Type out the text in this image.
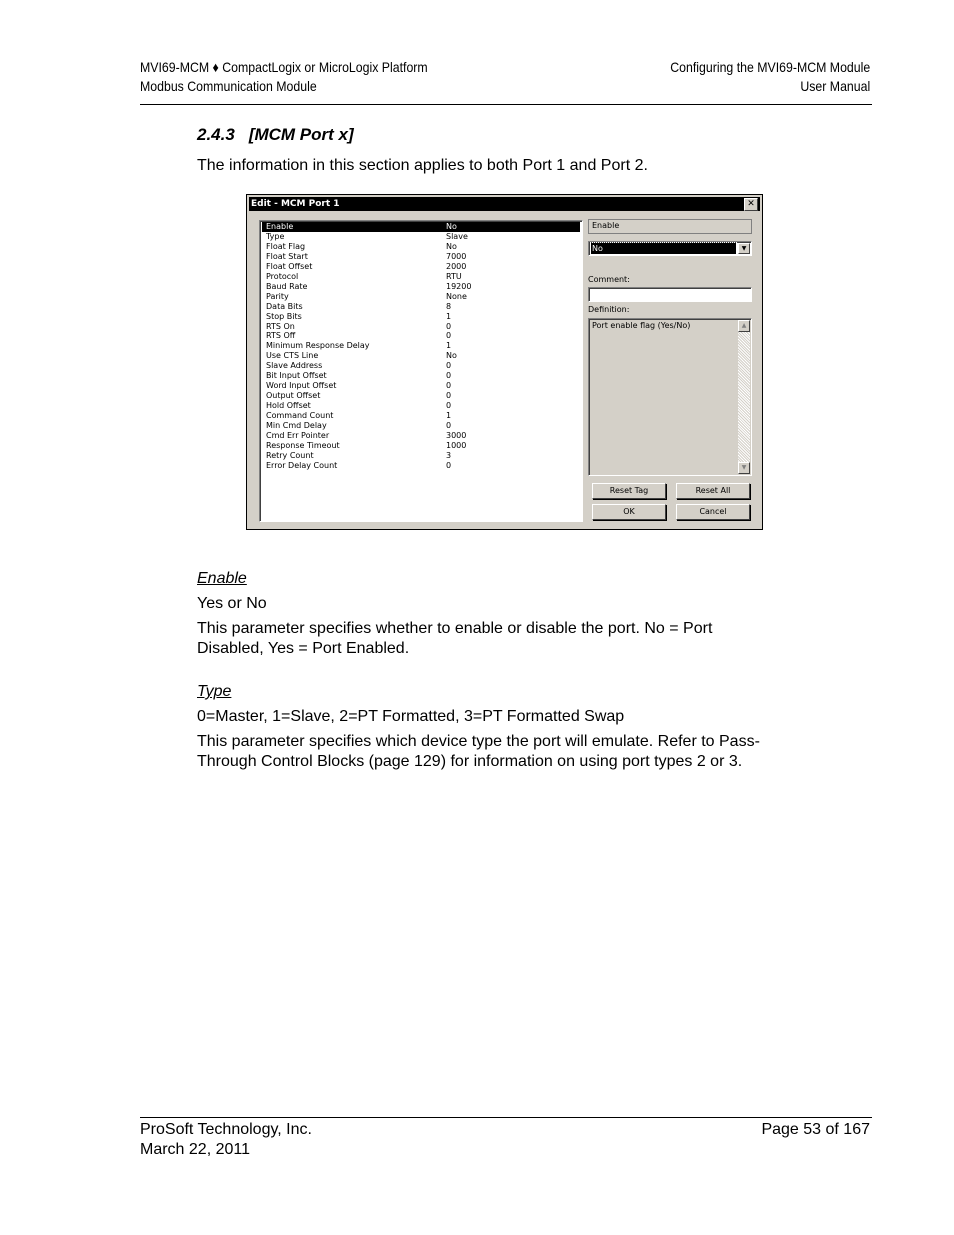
MVI69-MCM ♦ CompactLogix or MicroLogix Platform
Modbus Communication Module
Configuring the MVI69-MCM Module
User Manual
2.4.3 [MCM Port x]
The information in this section applies to both Port 1 and Port 2.
Edit - MCM Port 1	✕
Enable	No
Type	Slave
Float Flag	No
Float Start	7000
Float Offset	2000
Protocol	RTU
Baud Rate	19200
Parity	None
Data Bits	8
Stop Bits	1
RTS On	0
RTS Off	0
Minimum Response Delay	1
Use CTS Line	No
Slave Address	0
Bit Input Offset	0
Word Input Offset	0
Output Offset	0
Hold Offset	0
Command Count	1
Min Cmd Delay	0
Cmd Err Pointer	3000
Response Timeout	1000
Retry Count	3
Error Delay Count	0
Enable
No	▼
Comment:
Definition:
Port enable flag (Yes/No)	▲
▼
Reset Tag	Reset All
OK	Cancel
Enable
Yes or No
This parameter specifies whether to enable or disable the port. No = Port Disabled, Yes = Port Enabled.
Type
0=Master, 1=Slave, 2=PT Formatted, 3=PT Formatted Swap
This parameter specifies which device type the port will emulate. Refer to Pass-Through Control Blocks (page 129) for information on using port types 2 or 3.
ProSoft Technology, Inc.
March 22, 2011
Page 53 of 167
